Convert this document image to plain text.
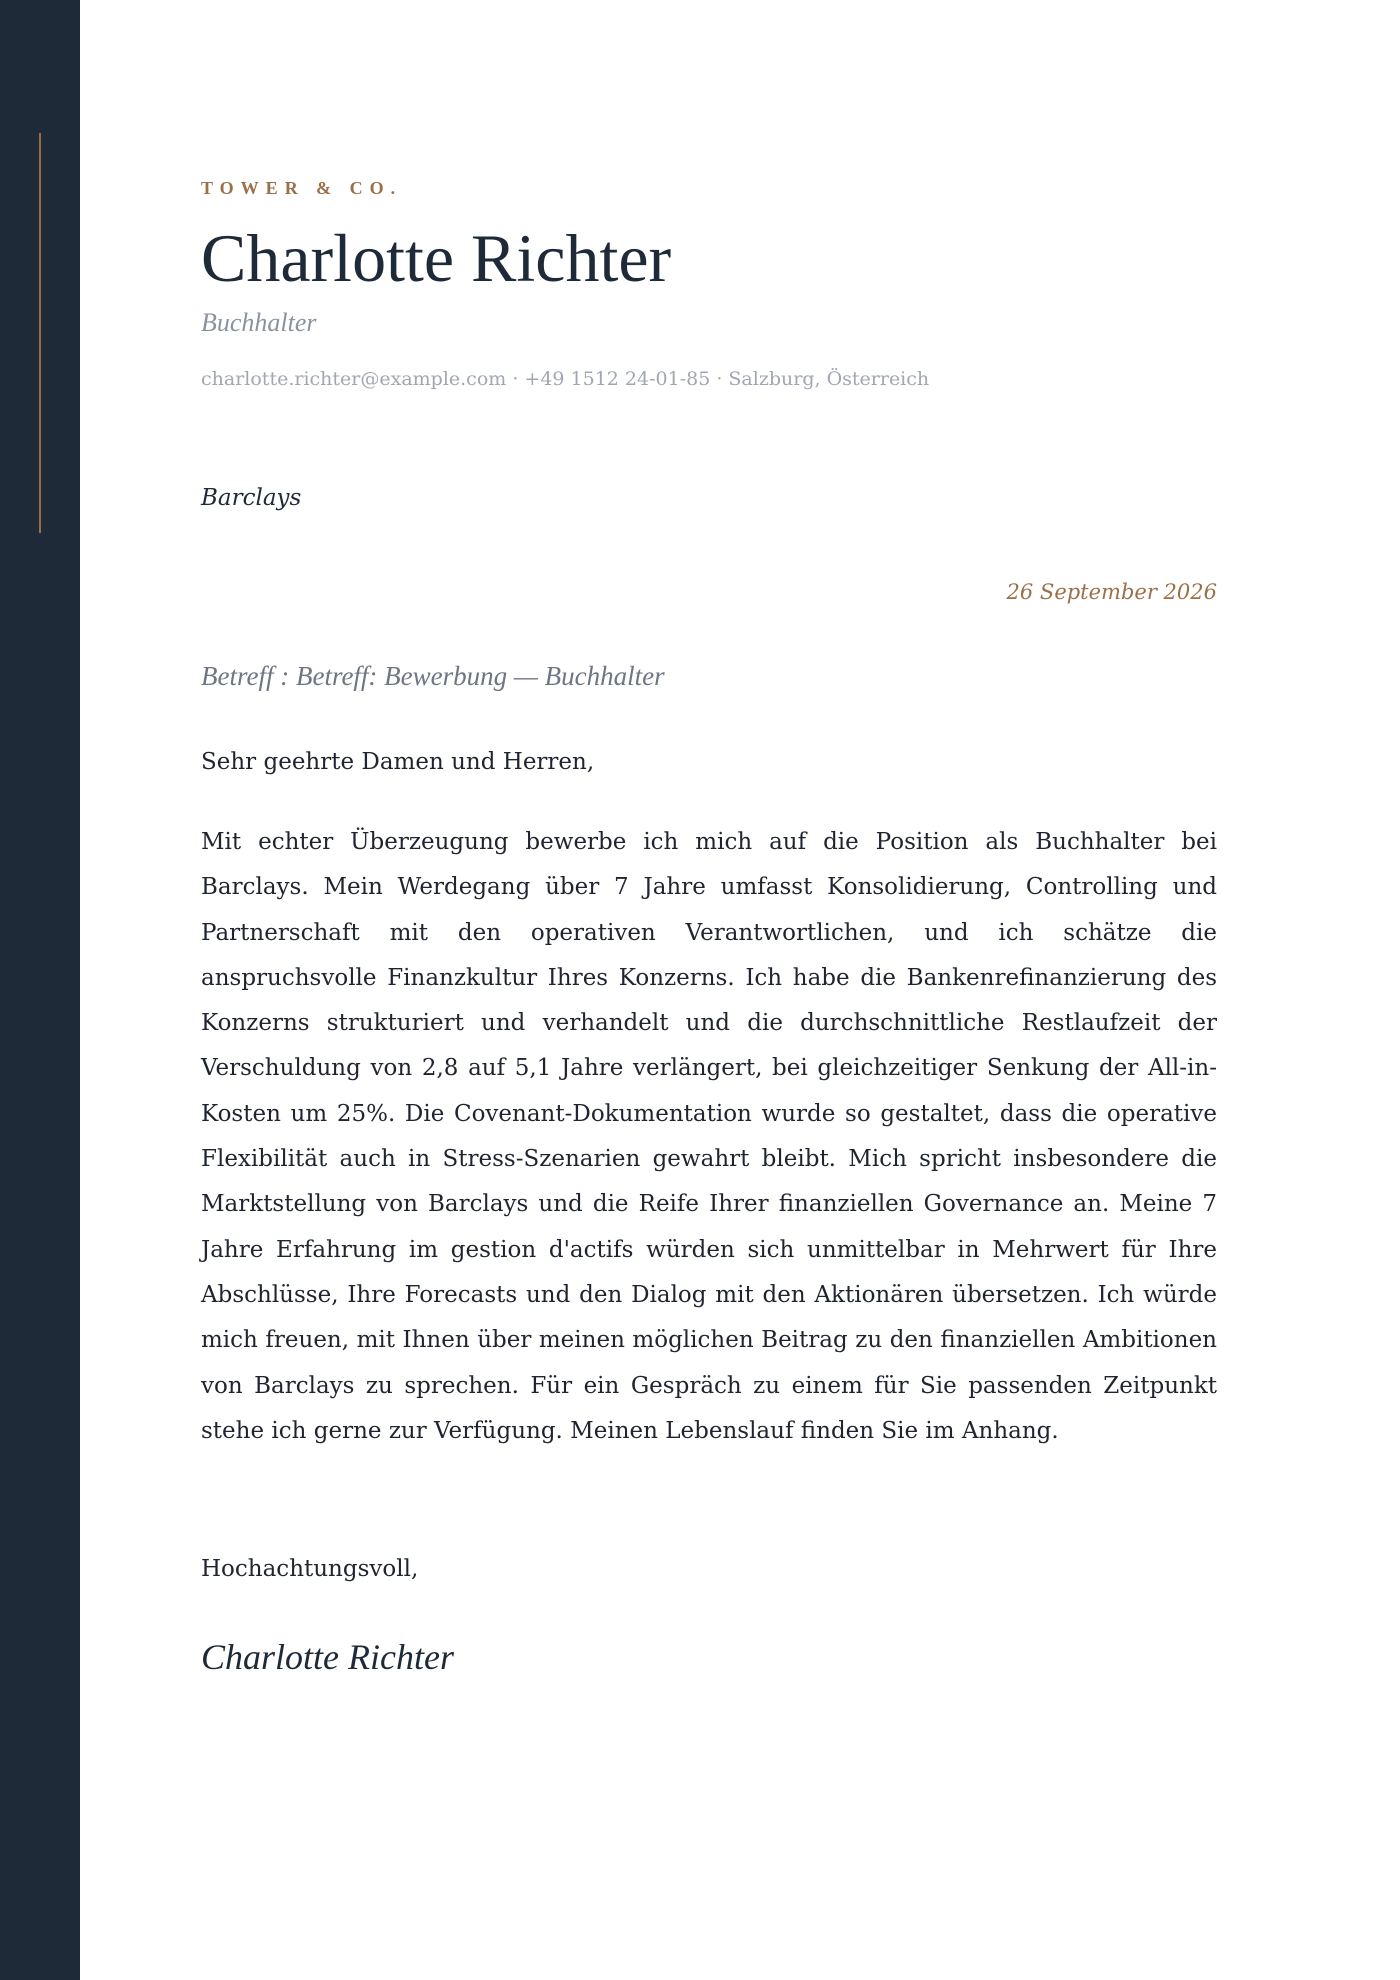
TOWER & CO.
Charlotte Richter
Buchhalter
charlotte.richter@example.com · +49 1512 24-01-85 · Salzburg, Österreich
Barclays
26 September 2026
Betreff : Betreff: Bewerbung — Buchhalter
Sehr geehrte Damen und Herren,

Mit echter Überzeugung bewerbe ich mich auf die Position als Buchhalter bei Barclays. Mein Werdegang über 7 Jahre umfasst Konsolidierung, Controlling und Partnerschaft mit den operativen Verantwortlichen, und ich schätze die anspruchsvolle Finanzkultur Ihres Konzerns. Ich habe die Bankenrefinanzierung des Konzerns strukturiert und verhandelt und die durchschnittliche Restlaufzeit der Verschuldung von 2,8 auf 5,1 Jahre verlängert, bei gleichzeitiger Senkung der All-in-Kosten um 25%. Die Covenant-Dokumentation wurde so gestaltet, dass die operative Flexibilität auch in Stress-Szenarien gewahrt bleibt. Mich spricht insbesondere die Marktstellung von Barclays und die Reife Ihrer finanziellen Governance an. Meine 7 Jahre Erfahrung im gestion d'actifs würden sich unmittelbar in Mehrwert für Ihre Abschlüsse, Ihre Forecasts und den Dialog mit den Aktionären übersetzen. Ich würde mich freuen, mit Ihnen über meinen möglichen Beitrag zu den finanziellen Ambitionen von Barclays zu sprechen. Für ein Gespräch zu einem für Sie passenden Zeitpunkt stehe ich gerne zur Verfügung. Meinen Lebenslauf finden Sie im Anhang.

Hochachtungsvoll,
Charlotte Richter
